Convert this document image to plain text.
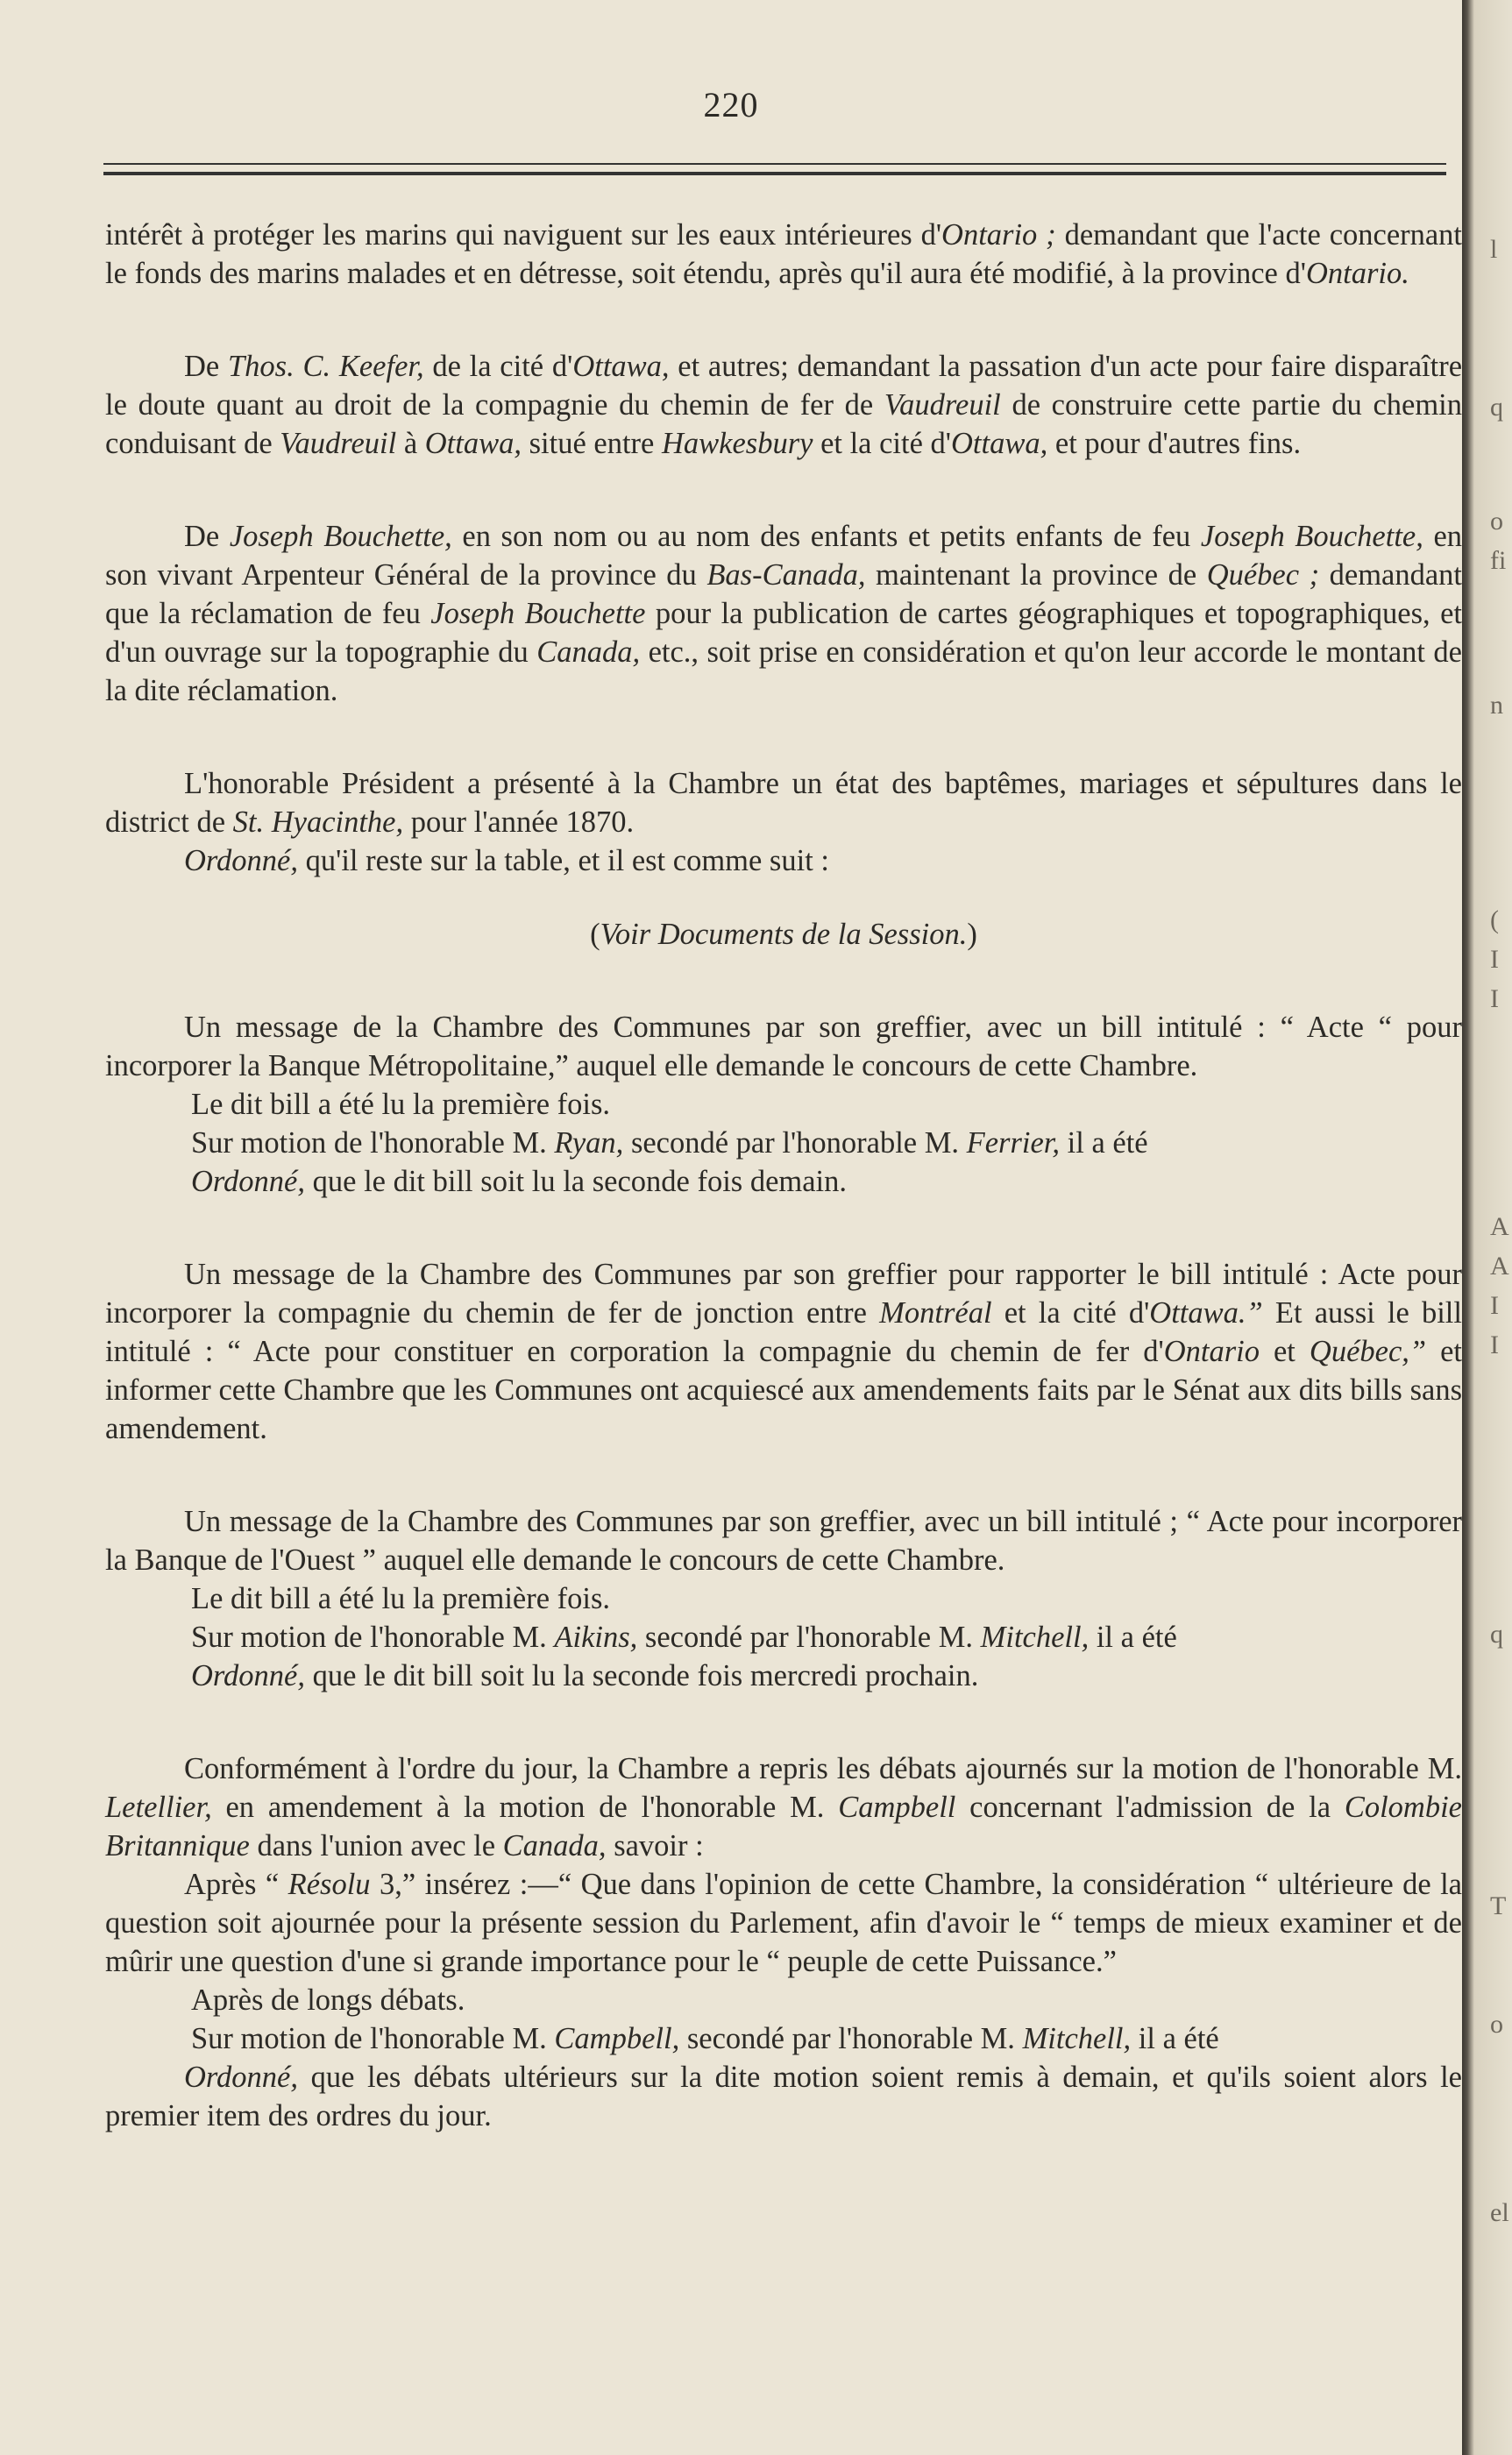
220

intérêt à protéger les marins qui naviguent sur les eaux intérieures d'Ontario ; demandant que l'acte concernant le fonds des marins malades et en détresse, soit étendu, après qu'il aura été modifié, à la province d'Ontario.

De Thos. C. Keefer, de la cité d'Ottawa, et autres; demandant la passation d'un acte pour faire disparaître le doute quant au droit de la compagnie du chemin de fer de Vaudreuil de construire cette partie du chemin conduisant de Vaudreuil à Ottawa, situé entre Hawkesbury et la cité d'Ottawa, et pour d'autres fins.

De Joseph Bouchette, en son nom ou au nom des enfants et petits enfants de feu Joseph Bouchette, en son vivant Arpenteur Général de la province du Bas-Canada, maintenant la province de Québec ; demandant que la réclamation de feu Joseph Bouchette pour la publication de cartes géographiques et topographiques, et d'un ouvrage sur la topographie du Canada, etc., soit prise en considération et qu'on leur accorde le montant de la dite réclamation.

L'honorable Président a présenté à la Chambre un état des baptêmes, mariages et sépultures dans le district de St. Hyacinthe, pour l'année 1870.

Ordonné, qu'il reste sur la table, et il est comme suit :

(Voir Documents de la Session.)

Un message de la Chambre des Communes par son greffier, avec un bill intitulé : “ Acte “ pour incorporer la Banque Métropolitaine,” auquel elle demande le concours de cette Chambre.

Le dit bill a été lu la première fois.

Sur motion de l'honorable M. Ryan, secondé par l'honorable M. Ferrier, il a été

Ordonné, que le dit bill soit lu la seconde fois demain.

Un message de la Chambre des Communes par son greffier pour rapporter le bill intitulé : Acte pour incorporer la compagnie du chemin de fer de jonction entre Montréal et la cité d'Ottawa.” Et aussi le bill intitulé : “ Acte pour constituer en corporation la compagnie du chemin de fer d'Ontario et Québec,” et informer cette Chambre que les Communes ont acquiescé aux amendements faits par le Sénat aux dits bills sans amendement.

Un message de la Chambre des Communes par son greffier, avec un bill intitulé ; “ Acte pour incorporer la Banque de l'Ouest ” auquel elle demande le concours de cette Chambre.

Le dit bill a été lu la première fois.

Sur motion de l'honorable M. Aikins, secondé par l'honorable M. Mitchell, il a été

Ordonné, que le dit bill soit lu la seconde fois mercredi prochain.

Conformément à l'ordre du jour, la Chambre a repris les débats ajournés sur la motion de l'honorable M. Letellier, en amendement à la motion de l'honorable M. Campbell concernant l'admission de la Colombie Britannique dans l'union avec le Canada, savoir :

Après “ Résolu 3,” insérez :—“ Que dans l'opinion de cette Chambre, la considération “ ultérieure de la question soit ajournée pour la présente session du Parlement, afin d'avoir le “ temps de mieux examiner et de mûrir une question d'une si grande importance pour le “ peuple de cette Puissance.”

Après de longs débats.

Sur motion de l'honorable M. Campbell, secondé par l'honorable M. Mitchell, il a été

Ordonné, que les débats ultérieurs sur la dite motion soient remis à demain, et qu'ils soient alors le premier item des ordres du jour.

l
q
o
fi
n
(
I
I
A
A
I
I
q
T
o
el
